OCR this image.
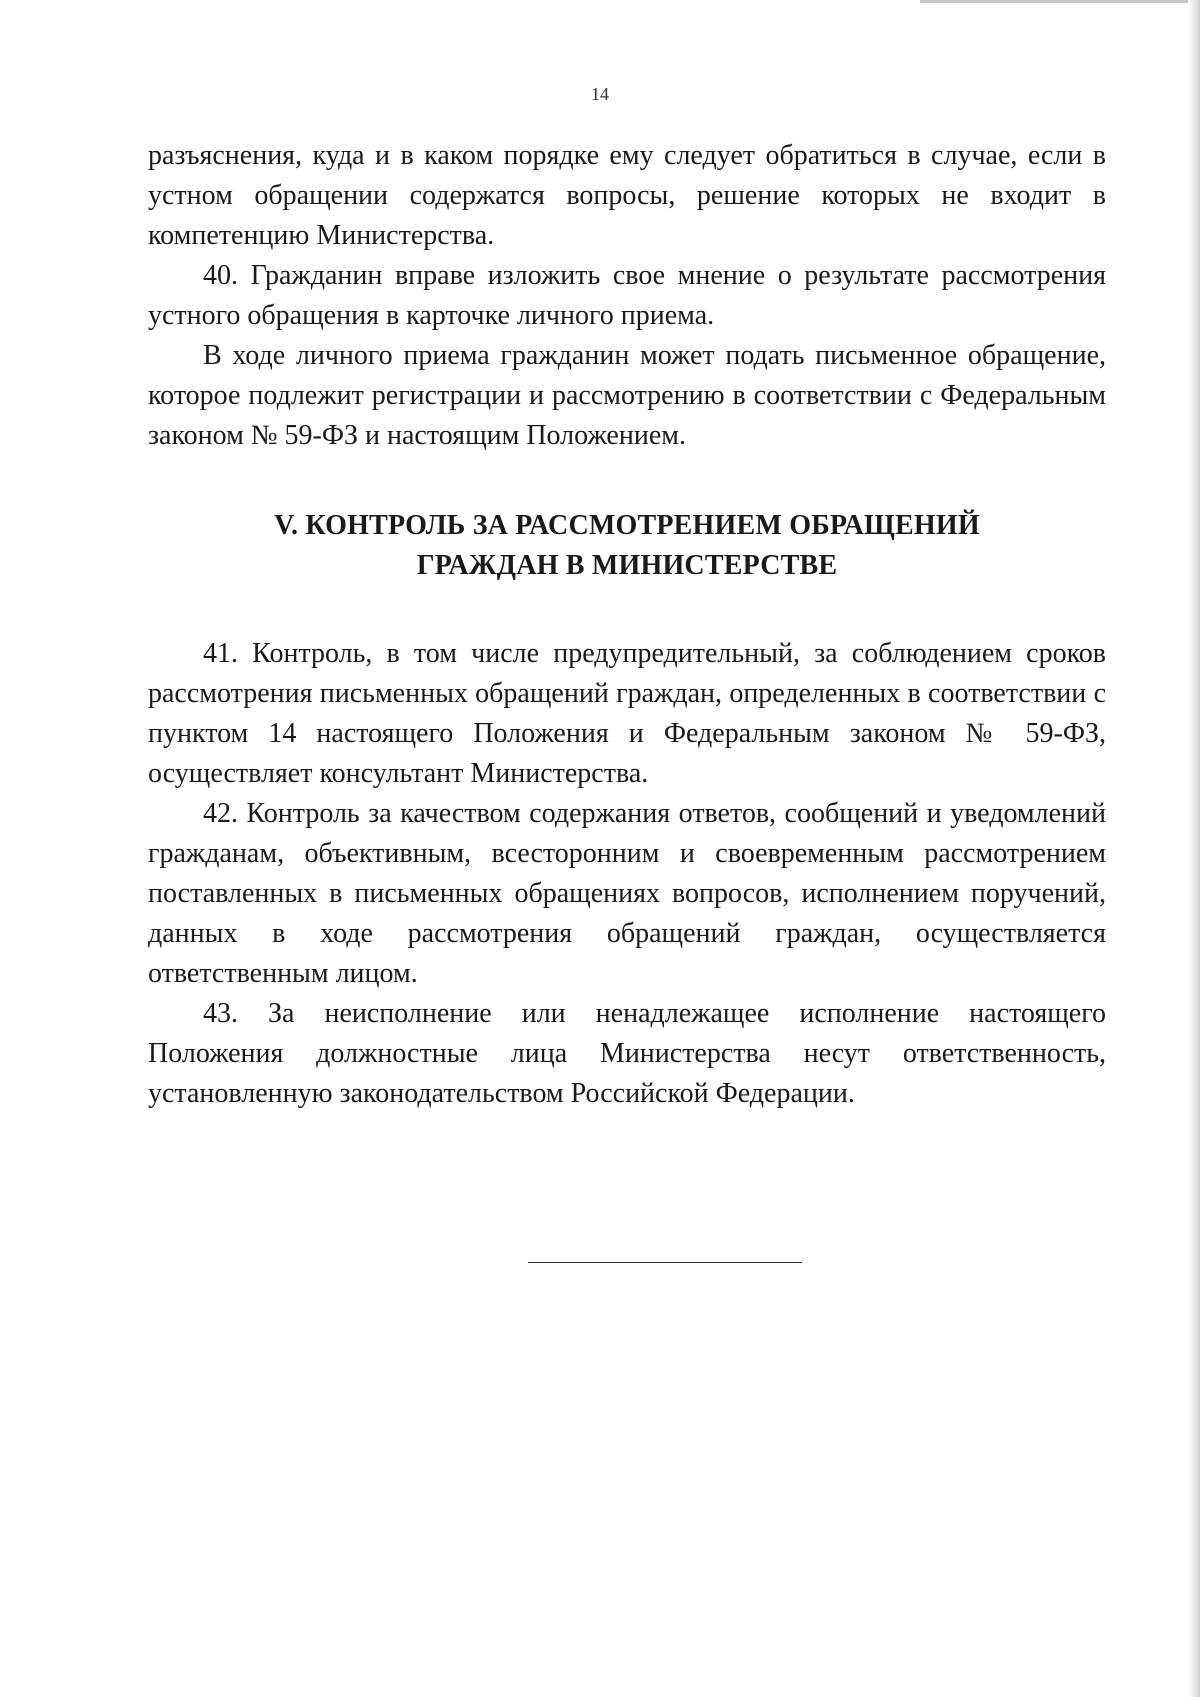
14

разъяснения, куда и в каком порядке ему следует обратиться в случае, если в устном обращении содержатся вопросы, решение которых не входит в компетенцию Министерства.

40. Гражданин вправе изложить свое мнение о результате рассмотрения устного обращения в карточке личного приема.

В ходе личного приема гражданин может подать письменное обращение, которое подлежит регистрации и рассмотрению в соответствии с Федеральным законом № 59-ФЗ и настоящим Положением.

V. КОНТРОЛЬ ЗА РАССМОТРЕНИЕМ ОБРАЩЕНИЙ
ГРАЖДАН В МИНИСТЕРСТВЕ

41. Контроль, в том числе предупредительный, за соблюдением сроков рассмотрения письменных обращений граждан, определенных в соответствии с пунктом 14 настоящего Положения и Федеральным законом № 59-ФЗ, осуществляет консультант Министерства.

42. Контроль за качеством содержания ответов, сообщений и уведомлений гражданам, объективным, всесторонним и своевременным рассмотрением поставленных в письменных обращениях вопросов, исполнением поручений, данных в ходе рассмотрения обращений граждан, осуществляется ответственным лицом.

43. За неисполнение или ненадлежащее исполнение настоящего Положения должностные лица Министерства несут ответственность, установленную законодательством Российской Федерации.
